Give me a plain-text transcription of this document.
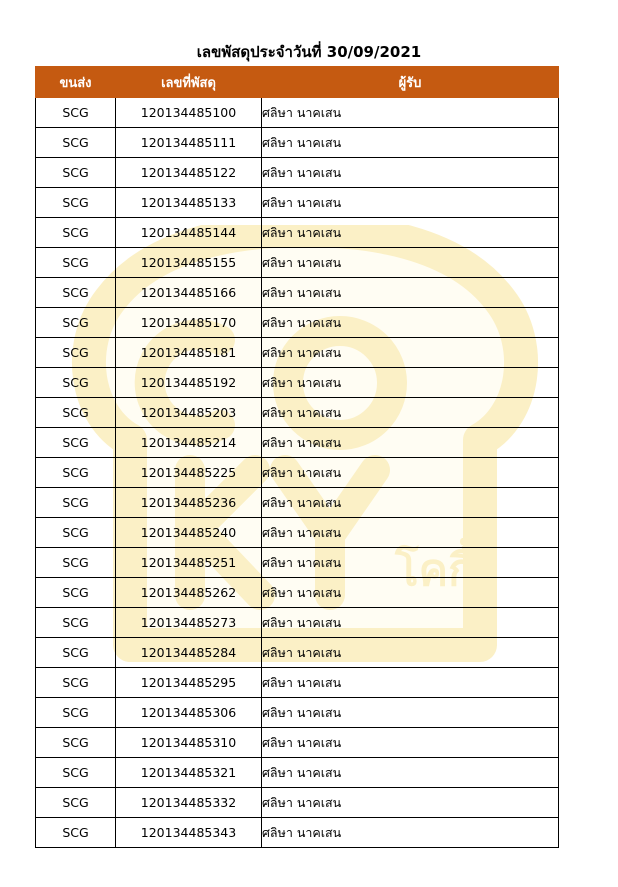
โคกี้
เลขพัสดุประจำวันที่ 30/09/2021
ขนส่ง	เลขที่พัสดุ	ผู้รับ
SCG	120134485100	ศลิษา นาคเสน
SCG	120134485111	ศลิษา นาคเสน
SCG	120134485122	ศลิษา นาคเสน
SCG	120134485133	ศลิษา นาคเสน
SCG	120134485144	ศลิษา นาคเสน
SCG	120134485155	ศลิษา นาคเสน
SCG	120134485166	ศลิษา นาคเสน
SCG	120134485170	ศลิษา นาคเสน
SCG	120134485181	ศลิษา นาคเสน
SCG	120134485192	ศลิษา นาคเสน
SCG	120134485203	ศลิษา นาคเสน
SCG	120134485214	ศลิษา นาคเสน
SCG	120134485225	ศลิษา นาคเสน
SCG	120134485236	ศลิษา นาคเสน
SCG	120134485240	ศลิษา นาคเสน
SCG	120134485251	ศลิษา นาคเสน
SCG	120134485262	ศลิษา นาคเสน
SCG	120134485273	ศลิษา นาคเสน
SCG	120134485284	ศลิษา นาคเสน
SCG	120134485295	ศลิษา นาคเสน
SCG	120134485306	ศลิษา นาคเสน
SCG	120134485310	ศลิษา นาคเสน
SCG	120134485321	ศลิษา นาคเสน
SCG	120134485332	ศลิษา นาคเสน
SCG	120134485343	ศลิษา นาคเสน
